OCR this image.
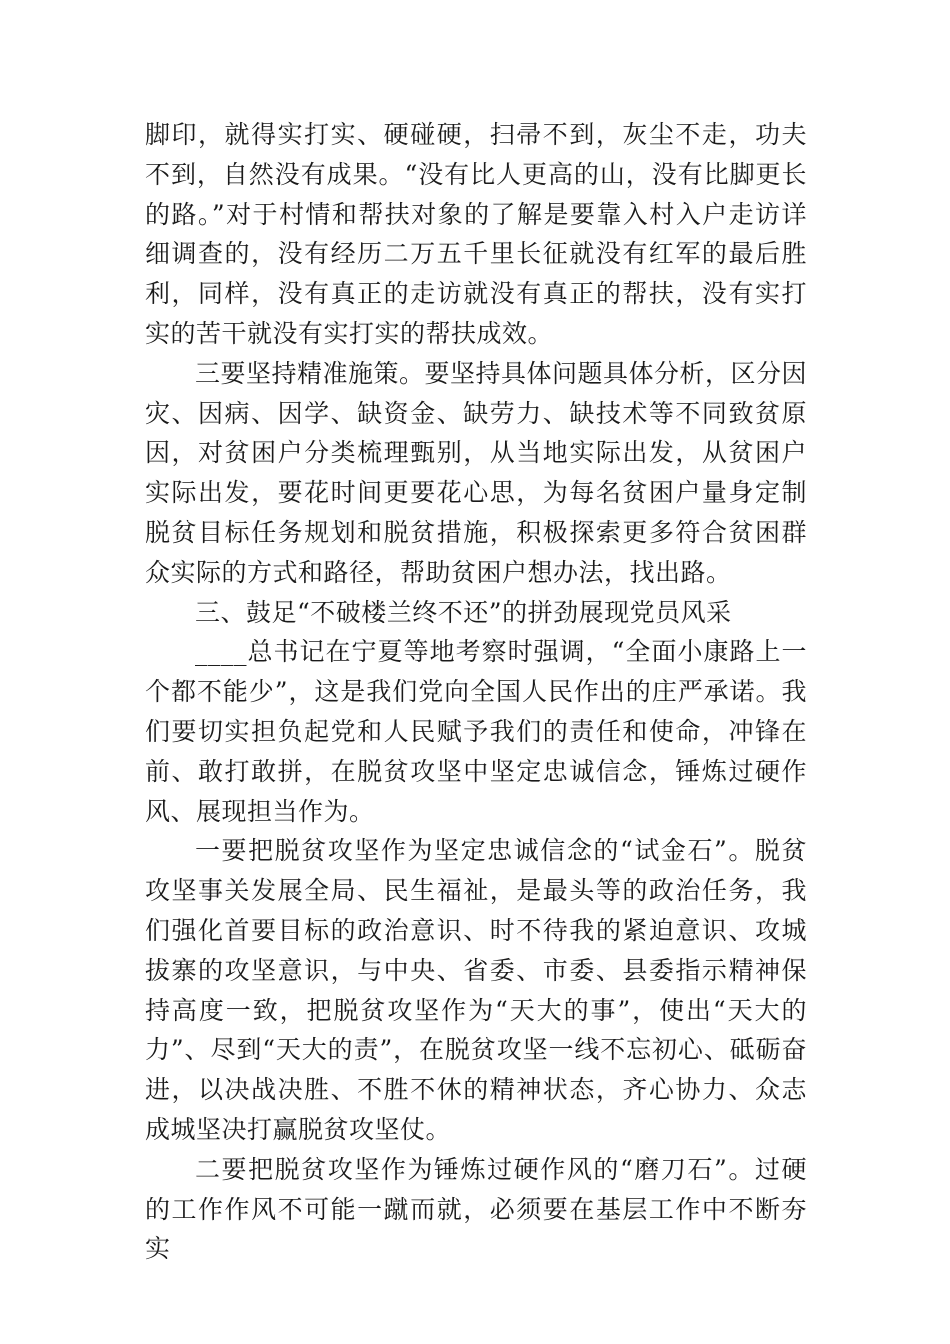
脚印，就得实打实、硬碰硬，扫帚不到，灰尘不走，功夫不到，自然没有成果。“没有比人更高的山，没有比脚更长的路。”对于村情和帮扶对象的了解是要靠入村入户走访详细调查的，没有经历二万五千里长征就没有红军的最后胜利，同样，没有真正的走访就没有真正的帮扶，没有实打实的苦干就没有实打实的帮扶成效。

三要坚持精准施策。要坚持具体问题具体分析，区分因灾、因病、因学、缺资金、缺劳力、缺技术等不同致贫原因，对贫困户分类梳理甄别，从当地实际出发，从贫困户实际出发，要花时间更要花心思，为每名贫困户量身定制脱贫目标任务规划和脱贫措施，积极探索更多符合贫困群众实际的方式和路径，帮助贫困户想办法，找出路。

三、鼓足“不破楼兰终不还”的拼劲展现党员风采

____总书记在宁夏等地考察时强调，“全面小康路上一个都不能少”，这是我们党向全国人民作出的庄严承诺。我们要切实担负起党和人民赋予我们的责任和使命，冲锋在前、敢打敢拼，在脱贫攻坚中坚定忠诚信念，锤炼过硬作风、展现担当作为。

一要把脱贫攻坚作为坚定忠诚信念的“试金石”。脱贫攻坚事关发展全局、民生福祉，是最头等的政治任务，我们强化首要目标的政治意识、时不待我的紧迫意识、攻城拔寨的攻坚意识，与中央、省委、市委、县委指示精神保持高度一致，把脱贫攻坚作为“天大的事”，使出“天大的力”、尽到“天大的责”，在脱贫攻坚一线不忘初心、砥砺奋进，以决战决胜、不胜不休的精神状态，齐心协力、众志成城坚决打赢脱贫攻坚仗。

二要把脱贫攻坚作为锤炼过硬作风的“磨刀石”。过硬的工作作风不可能一蹴而就，必须要在基层工作中不断夯实
